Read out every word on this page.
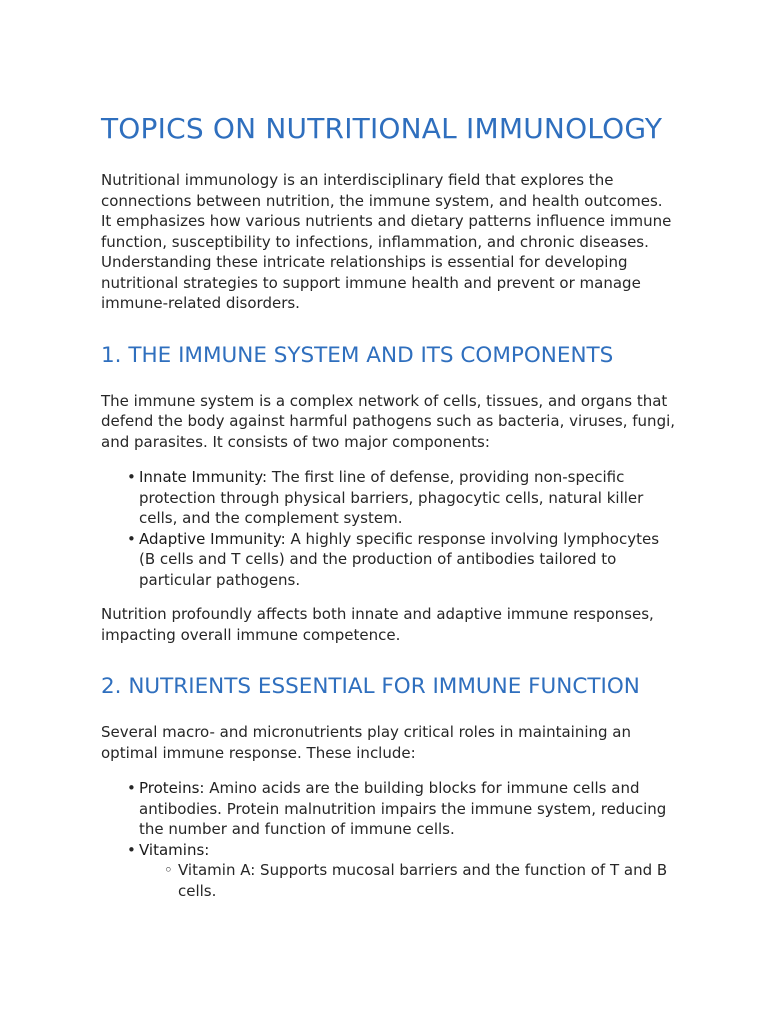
TOPICS ON NUTRITIONAL IMMUNOLOGY

Nutritional immunology is an interdisciplinary field that explores the connections between nutrition, the immune system, and health outcomes. It emphasizes how various nutrients and dietary patterns influence immune function, susceptibility to infections, inflammation, and chronic diseases. Understanding these intricate relationships is essential for developing nutritional strategies to support immune health and prevent or manage immune-related disorders.

1. THE IMMUNE SYSTEM AND ITS COMPONENTS

The immune system is a complex network of cells, tissues, and organs that defend the body against harmful pathogens such as bacteria, viruses, fungi, and parasites. It consists of two major components:

• Innate Immunity: The first line of defense, providing non-specific protection through physical barriers, phagocytic cells, natural killer cells, and the complement system.
• Adaptive Immunity: A highly specific response involving lymphocytes (B cells and T cells) and the production of antibodies tailored to particular pathogens.

Nutrition profoundly affects both innate and adaptive immune responses, impacting overall immune competence.

2. NUTRIENTS ESSENTIAL FOR IMMUNE FUNCTION

Several macro- and micronutrients play critical roles in maintaining an optimal immune response. These include:

• Proteins: Amino acids are the building blocks for immune cells and antibodies. Protein malnutrition impairs the immune system, reducing the number and function of immune cells.
• Vitamins:
◦ Vitamin A: Supports mucosal barriers and the function of T and B cells.
